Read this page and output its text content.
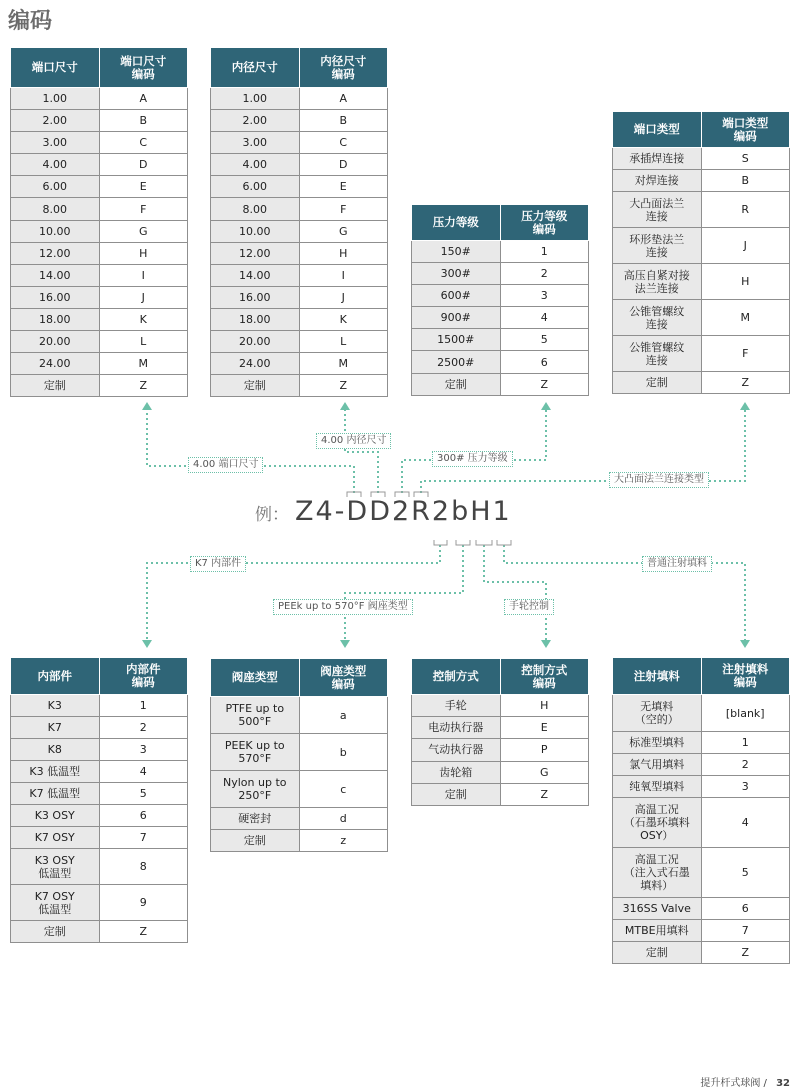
编码
端口尺寸	端口尺寸
编码
1.00	A
2.00	B
3.00	C
4.00	D
6.00	E
8.00	F
10.00	G
12.00	H
14.00	I
16.00	J
18.00	K
20.00	L
24.00	M
定制	Z
内径尺寸	内径尺寸
编码
1.00	A
2.00	B
3.00	C
4.00	D
6.00	E
8.00	F
10.00	G
12.00	H
14.00	I
16.00	J
18.00	K
20.00	L
24.00	M
定制	Z
压力等级	压力等级
编码
150#	1
300#	2
600#	3
900#	4
1500#	5
2500#	6
定制	Z
端口类型	端口类型
编码
承插焊连接	S
对焊连接	B
大凸面法兰
连接	R
环形垫法兰
连接	J
高压自紧对接
法兰连接	H
公锥管螺纹
连接	M
公锥管螺纹
连接	F
定制	Z
内部件	内部件
编码
K3	1
K7	2
K8	3
K3 低温型	4
K7 低温型	5
K3 OSY	6
K7 OSY	7
K3 OSY
低温型	8
K7 OSY
低温型	9
定制	Z
阀座类型	阀座类型
编码
PTFE up to
500°F	a
PEEK up to
570°F	b
Nylon up to
250°F	c
硬密封	d
定制	z
控制方式	控制方式
编码
手轮	H
电动执行器	E
气动执行器	P
齿轮箱	G
定制	Z
注射填料	注射填料
编码
无填料
（空的）	[blank]
标准型填料	1
氯气用填料	2
纯氧型填料	3
高温工况
（石墨环填料
OSY）	4
高温工况
（注入式石墨
填料）	5
316SS Valve	6
MTBE用填料	7
定制	Z
4.00 端口尺寸
4.00 内径尺寸
300# 压力等级
大凸面法兰连接类型
K7 内部件
PEEk up to 570°F 阀座类型	手轮控制
普通注射填料
例： Z4-DD2R2bH1
提升杆式球阀 / 32
